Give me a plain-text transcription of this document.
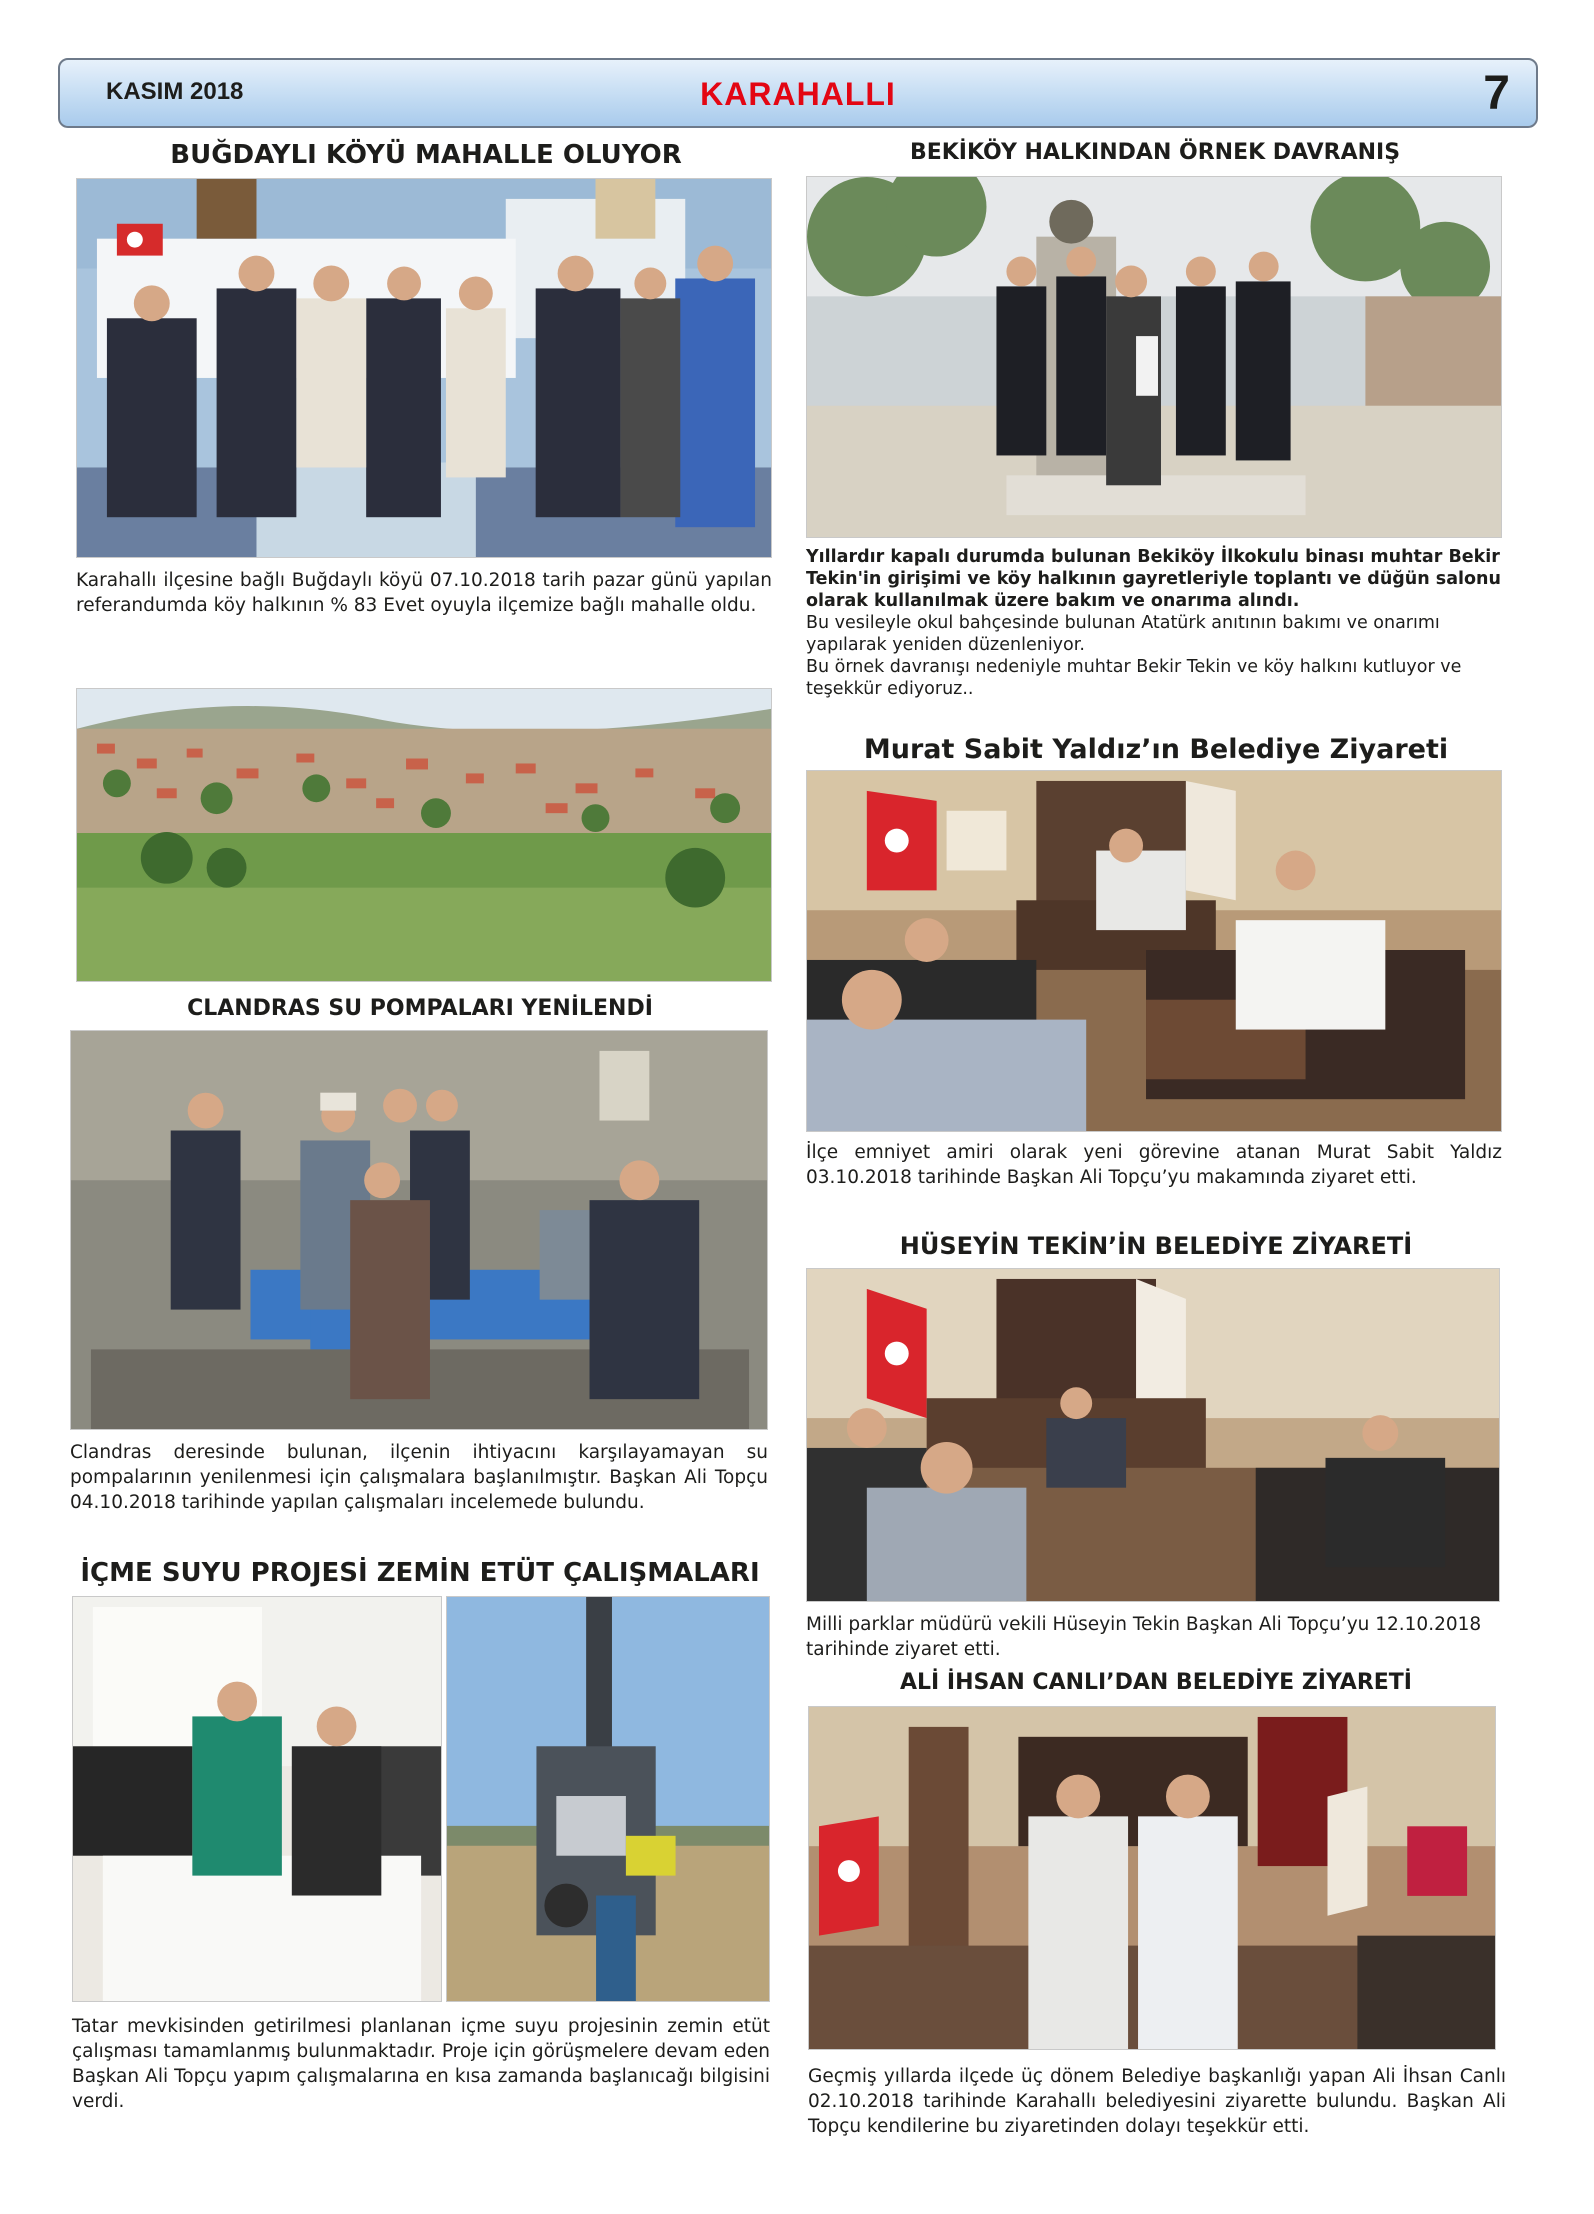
KASIM 2018	KARAHALLI	7
BUĞDAYLI KÖYÜ MAHALLE OLUYOR
Karahallı ilçesine bağlı Buğdaylı köyü 07.10.2018 tarih pazar günü yapılan referandumda köy halkının % 83 Evet oyuyla ilçemize bağlı mahalle oldu.
CLANDRAS SU POMPALARI YENİLENDİ
Clandras deresinde bulunan, ilçenin ihtiyacını karşılayamayan su pompalarının yenilenmesi için çalışmalara başlanılmıştır. Başkan Ali Topçu 04.10.2018 tarihinde yapılan çalışmaları incelemede bulundu.
İÇME SUYU PROJESİ ZEMİN ETÜT ÇALIŞMALARI
Tatar mevkisinden getirilmesi planlanan içme suyu projesinin zemin etüt çalışması tamamlanmış bulunmaktadır. Proje için görüşmelere devam eden Başkan Ali Topçu yapım çalışmalarına en kısa zamanda başlanıcağı bilgisini verdi.
BEKİKÖY HALKINDAN ÖRNEK DAVRANIŞ

Yıllardır kapalı durumda bulunan Bekiköy İlkokulu binası muhtar Bekir Tekin'in girişimi ve köy halkının gayretleriyle toplantı ve düğün salonu olarak kullanılmak üzere bakım ve onarıma alındı.

Bu vesileyle okul bahçesinde bulunan Atatürk anıtının bakımı ve onarımı yapılarak yeniden düzenleniyor.

Bu örnek davranışı nedeniyle muhtar Bekir Tekin ve köy halkını kutluyor ve teşekkür ediyoruz..

Murat Sabit Yaldız’ın Belediye Ziyareti
İlçe emniyet amiri olarak yeni görevine atanan Murat Sabit Yaldız 03.10.2018 tarihinde Başkan Ali Topçu’yu makamında ziyaret etti.
HÜSEYİN TEKİN’İN BELEDİYE ZİYARETİ
Milli parklar müdürü vekili Hüseyin Tekin Başkan Ali Topçu’yu 12.10.2018 tarihinde ziyaret etti.
ALİ İHSAN CANLI’DAN BELEDİYE ZİYARETİ
Geçmiş yıllarda ilçede üç dönem Belediye başkanlığı yapan Ali İhsan Canlı 02.10.2018 tarihinde Karahallı belediyesini ziyarette bulundu. Başkan Ali Topçu kendilerine bu ziyaretinden dolayı teşekkür etti.
